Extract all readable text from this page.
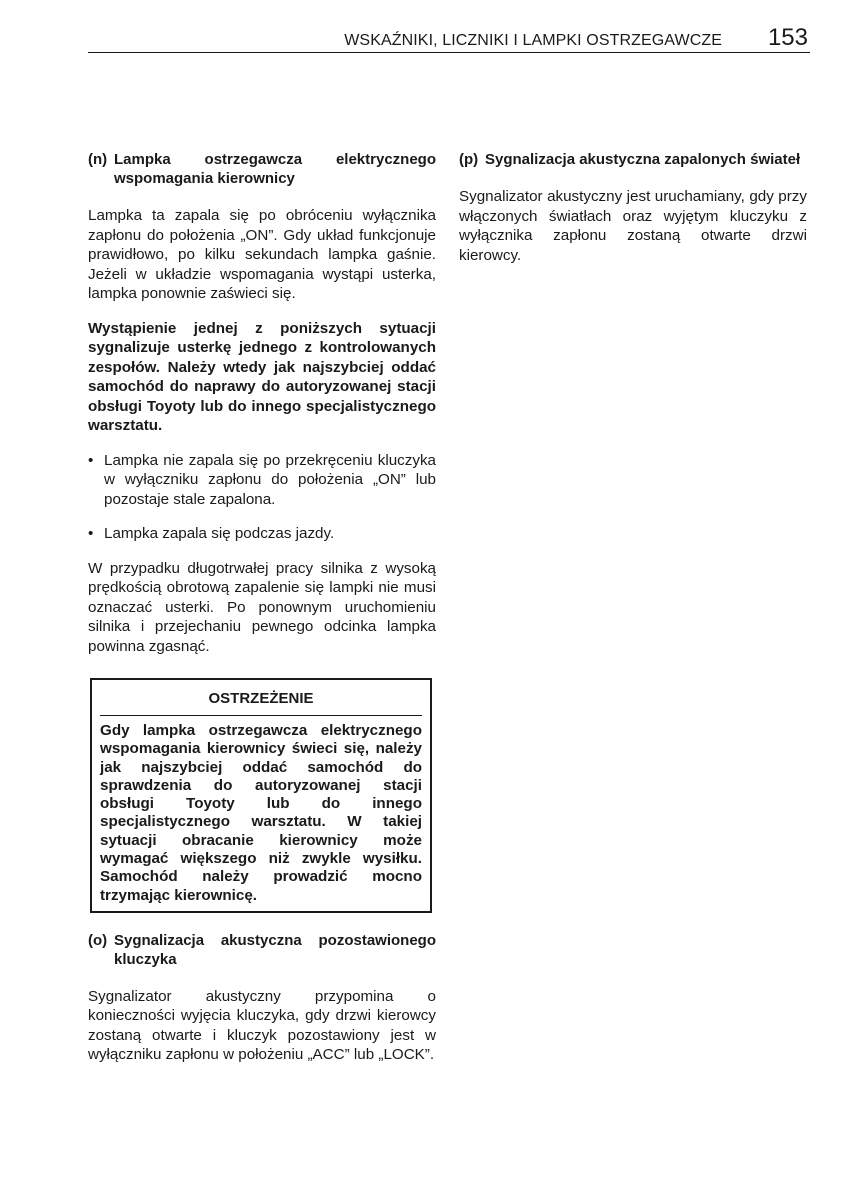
WSKAŹNIKI, LICZNIKI I LAMPKI OSTRZEGAWCZE 153
(n) Lampka ostrzegawcza elektrycznego wspomagania kierownicy

Lampka ta zapala się po obróceniu wyłącznika zapłonu do położenia „ON”. Gdy układ funkcjonuje prawidłowo, po kilku sekundach lampka gaśnie. Jeżeli w układzie wspomagania wystąpi usterka, lampka ponownie zaświeci się.

Wystąpienie jednej z poniższych sytuacji sygnalizuje usterkę jednego z kontrolowanych zespołów. Należy wtedy jak najszybciej oddać samochód do naprawy do autoryzowanej stacji obsługi Toyoty lub do innego specjalistycznego warsztatu.

• Lampka nie zapala się po przekręceniu kluczyka w wyłączniku zapłonu do położenia „ON” lub pozostaje stale zapalona.
• Lampka zapala się podczas jazdy.

W przypadku długotrwałej pracy silnika z wysoką prędkością obrotową zapalenie się lampki nie musi oznaczać usterki. Po ponownym uruchomieniu silnika i przejechaniu pewnego odcinka lampka powinna zgasnąć.

OSTRZEŻENIE

Gdy lampka ostrzegawcza elektrycznego wspomagania kierownicy świeci się, należy jak najszybciej oddać samochód do sprawdzenia do autoryzowanej stacji obsługi Toyoty lub do innego specjalistycznego warsztatu. W takiej sytuacji obracanie kierownicy może wymagać większego niż zwykle wysiłku. Samochód należy prowadzić mocno trzymając kierownicę.

(o) Sygnalizacja akustyczna pozostawionego kluczyka

Sygnalizator akustyczny przypomina o konieczności wyjęcia kluczyka, gdy drzwi kierowcy zostaną otwarte i kluczyk pozostawiony jest w wyłączniku zapłonu w położeniu „ACC” lub „LOCK”.

(p) Sygnalizacja akustyczna zapalonych świateł

Sygnalizator akustyczny jest uruchamiany, gdy przy włączonych światłach oraz wyjętym kluczyku z wyłącznika zapłonu zostaną otwarte drzwi kierowcy.
